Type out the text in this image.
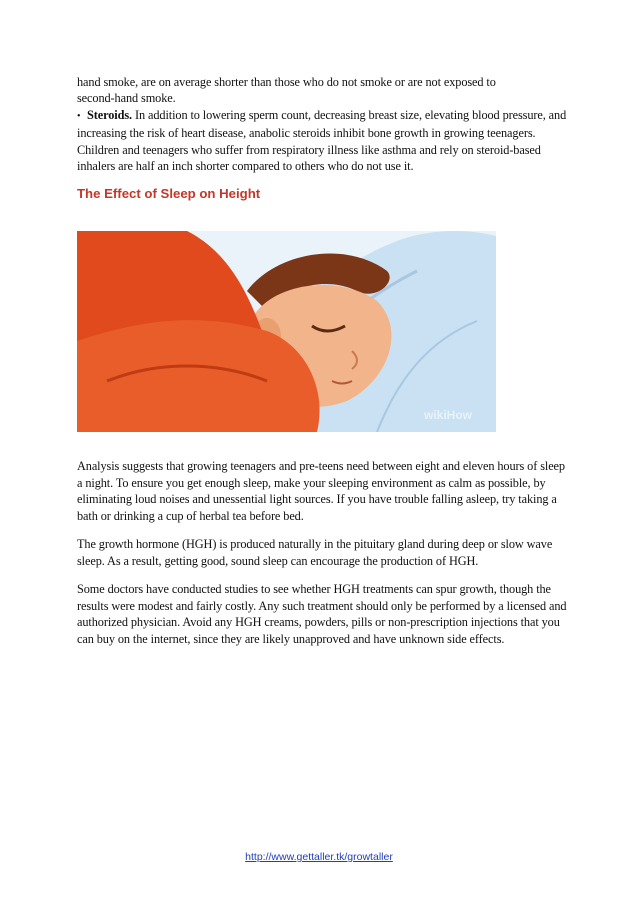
hand smoke, are on average shorter than those who do not smoke or are not exposed to
second-hand smoke.

• Steroids. In addition to lowering sperm count, decreasing breast size, elevating blood pressure, and increasing the risk of heart disease, anabolic steroids inhibit bone growth in growing teenagers. Children and teenagers who suffer from respiratory illness like asthma and rely on steroid-based inhalers are half an inch shorter compared to others who do not use it.

The Effect of Sleep on Height
wikiHow

Analysis suggests that growing teenagers and pre-teens need between eight and eleven hours of sleep a night. To ensure you get enough sleep, make your sleeping environment as calm as possible, by eliminating loud noises and unessential light sources. If you have trouble falling asleep, try taking a bath or drinking a cup of herbal tea before bed.

The growth hormone (HGH) is produced naturally in the pituitary gland during deep or slow wave sleep. As a result, getting good, sound sleep can encourage the production of HGH.

Some doctors have conducted studies to see whether HGH treatments can spur growth, though the results were modest and fairly costly. Any such treatment should only be performed by a licensed and authorized physician. Avoid any HGH creams, powders, pills or non-prescription injections that you can buy on the internet, since they are likely unapproved and have unknown side effects.

http://www.gettaller.tk/growtaller
